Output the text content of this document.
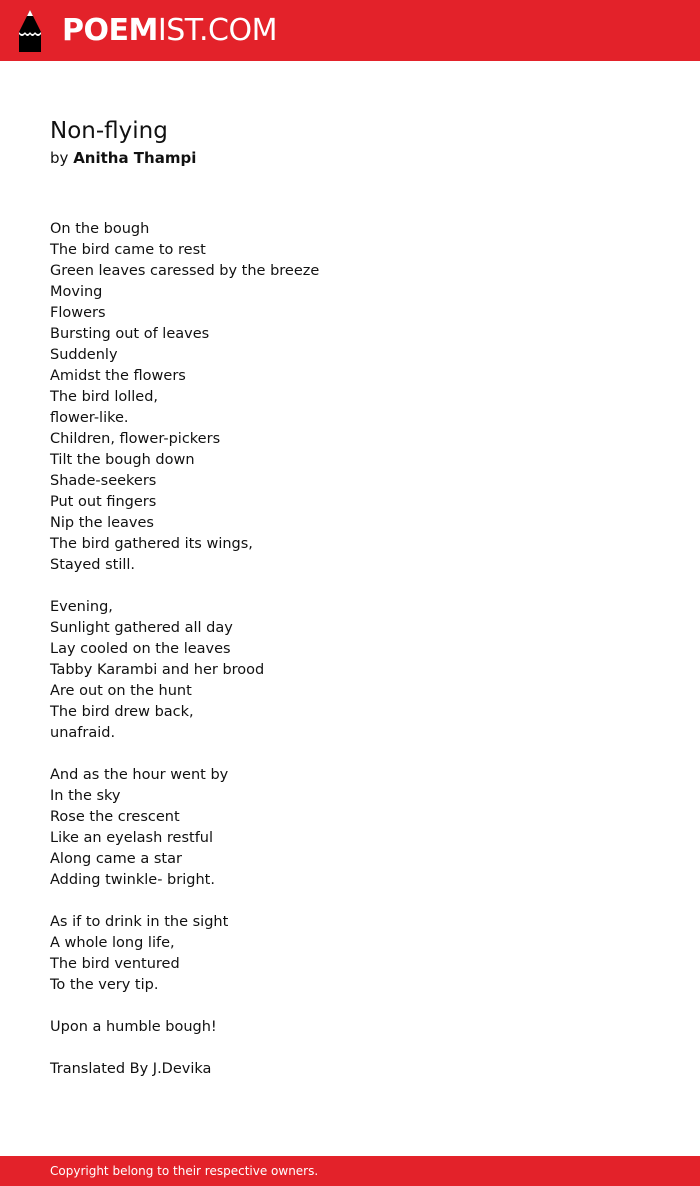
POEMIST.COM
Non-flying
by Anitha Thampi
On the bough
The bird came to rest
Green leaves caressed by the breeze
Moving
Flowers
Bursting out of leaves
Suddenly
Amidst the flowers
The bird lolled,
flower-like.
Children, flower-pickers
Tilt the bough down
Shade-seekers
Put out fingers
Nip the leaves
The bird gathered its wings,
Stayed still.
Evening,
Sunlight gathered all day
Lay cooled on the leaves
Tabby Karambi and her brood
Are out on the hunt
The bird drew back,
unafraid.
And as the hour went by
In the sky
Rose the crescent
Like an eyelash restful
Along came a star
Adding twinkle- bright.
As if to drink in the sight
A whole long life,
The bird ventured
To the very tip.
Upon a humble bough!
Translated By J.Devika
Copyright belong to their respective owners.
